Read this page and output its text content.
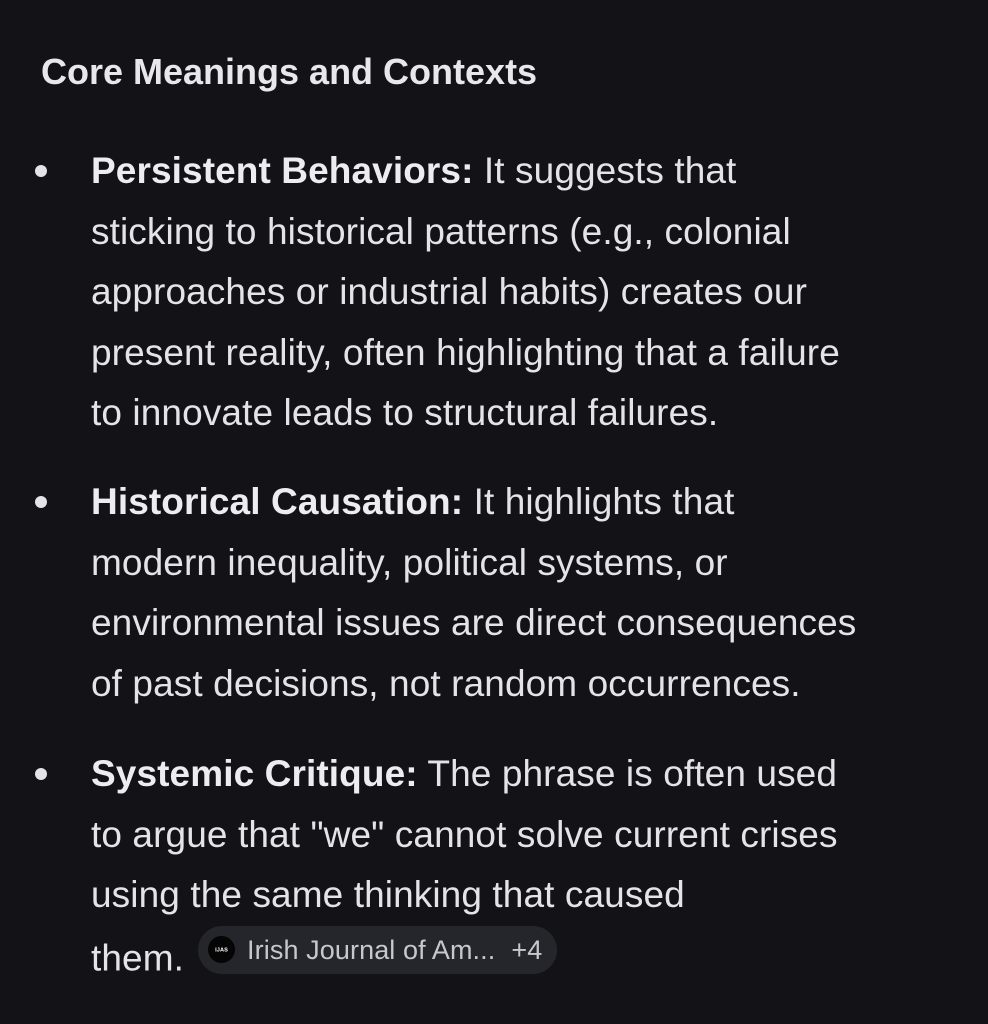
Core Meanings and Contexts

Persistent Behaviors: It suggests that
sticking to historical patterns (e.g., colonial
approaches or industrial habits) creates our
present reality, often highlighting that a failure
to innovate leads to structural failures.

Historical Causation: It highlights that
modern inequality, political systems, or
environmental issues are direct consequences
of past decisions, not random occurrences.

Systemic Critique: The phrase is often used
to argue that "we" cannot solve current crises
using the same thinking that caused
them.	IJAS Irish Journal of Am... +4
